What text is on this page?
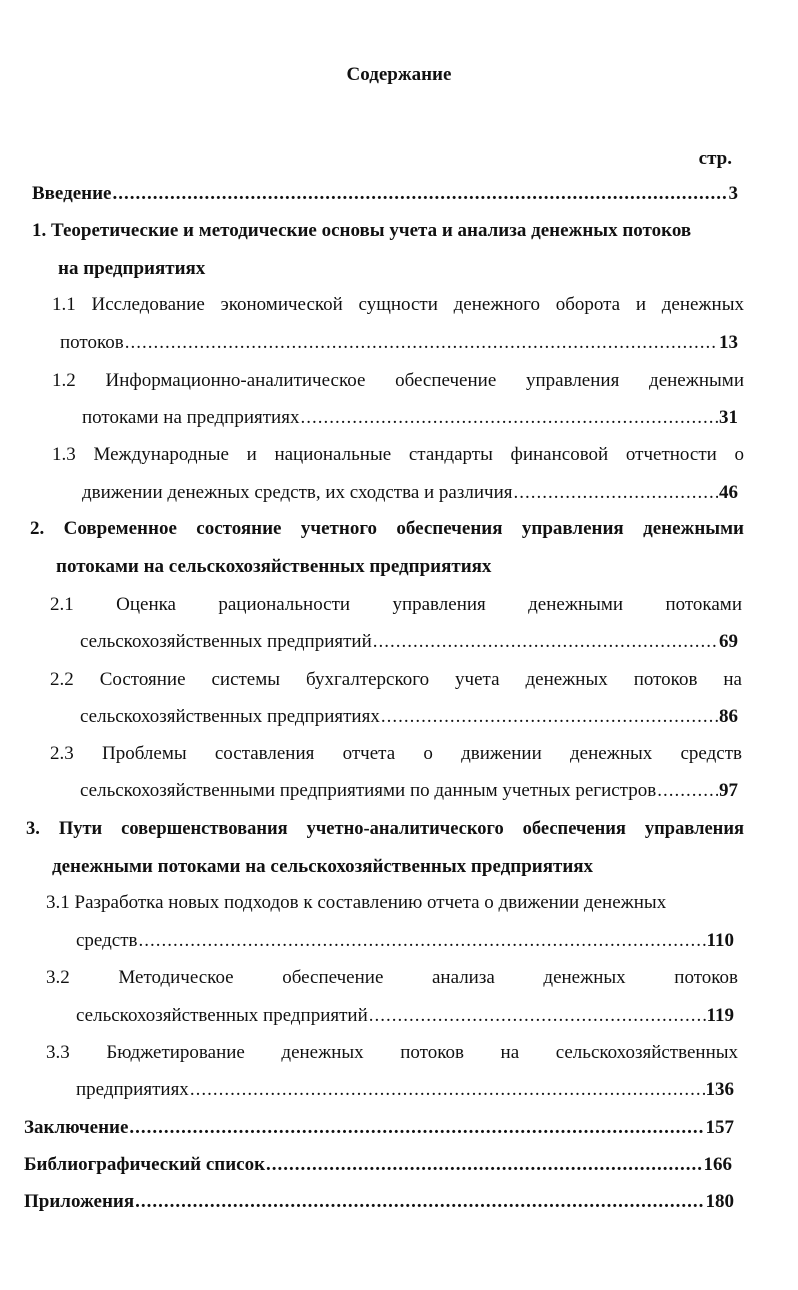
Содержание
стр.
Введение .....	3
1. Теоретические и методические основы учета и анализа денежных потоков
на предприятиях
1.1 Исследование экономической сущности денежного оборота и денежных
потоков .....	13
1.2 Информационно-аналитическое обеспечение управления денежными
потоками на предприятиях .....	31
1.3 Международные и национальные стандарты финансовой отчетности о
движении денежных средств, их сходства и различия .....	46
2. Современное состояние учетного обеспечения управления денежными
потоками на сельскохозяйственных предприятиях
2.1 Оценка рациональности управления денежными потоками
сельскохозяйственных предприятий .....	69
2.2 Состояние системы бухгалтерского учета денежных потоков на
сельскохозяйственных предприятиях .....	86
2.3 Проблемы составления отчета о движении денежных средств
сельскохозяйственными предприятиями по данным учетных регистров .....	97
3. Пути совершенствования учетно-аналитического обеспечения управления
денежными потоками на сельскохозяйственных предприятиях
3.1 Разработка новых подходов к составлению отчета о движении денежных
средств .....	110
3.2 Методическое обеспечение анализа денежных потоков
сельскохозяйственных предприятий .....	119
3.3 Бюджетирование денежных потоков на сельскохозяйственных
предприятиях .....	136
Заключение .....	157
Библиографический список .....	166
Приложения .....	180
